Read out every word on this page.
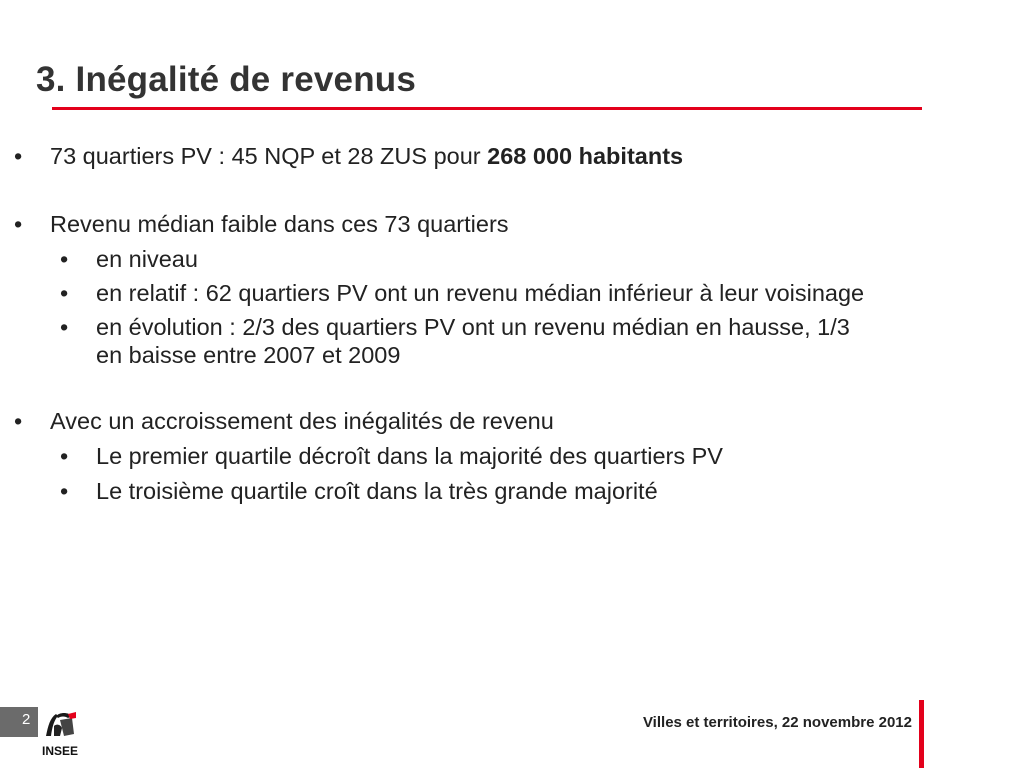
3. Inégalité de revenus
• 73 quartiers PV : 45 NQP et 28 ZUS pour 268 000 habitants
• Revenu médian faible dans ces 73 quartiers
• en niveau
• en relatif : 62 quartiers PV ont un revenu médian inférieur à leur voisinage
• en évolution : 2/3 des quartiers PV ont un revenu médian en hausse, 1/3
en baisse entre 2007 et 2009
• Avec un accroissement des inégalités de revenu
• Le premier quartile décroît dans la majorité des quartiers PV
• Le troisième quartile croît dans la très grande majorité
2
INSEE
Villes et territoires, 22 novembre 2012
